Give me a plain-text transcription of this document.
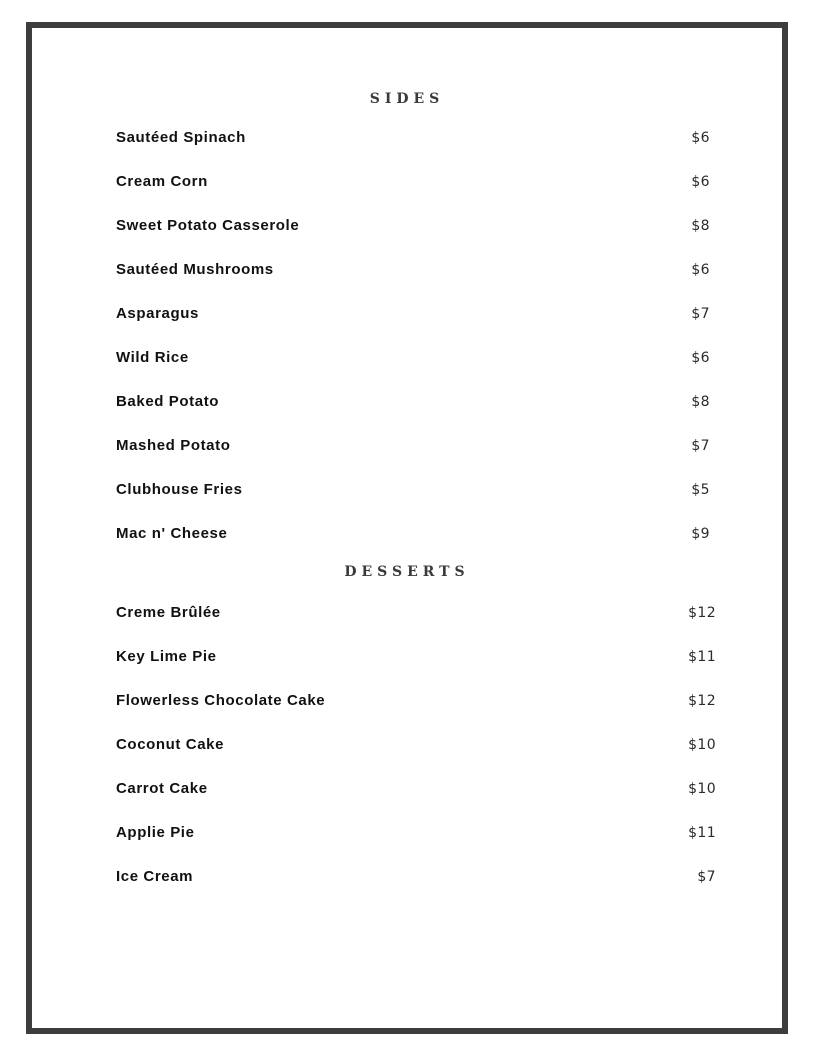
SIDES
Sautéed Spinach	$6
Cream Corn	$6
Sweet Potato Casserole	$8
Sautéed Mushrooms	$6
Asparagus	$7
Wild Rice	$6
Baked Potato	$8
Mashed Potato	$7
Clubhouse Fries	$5
Mac n' Cheese	$9
DESSERTS
Creme Brûlée	$12
Key Lime Pie	$11
Flowerless Chocolate Cake	$12
Coconut Cake	$10
Carrot Cake	$10
Applie Pie	$11
Ice Cream	$7
